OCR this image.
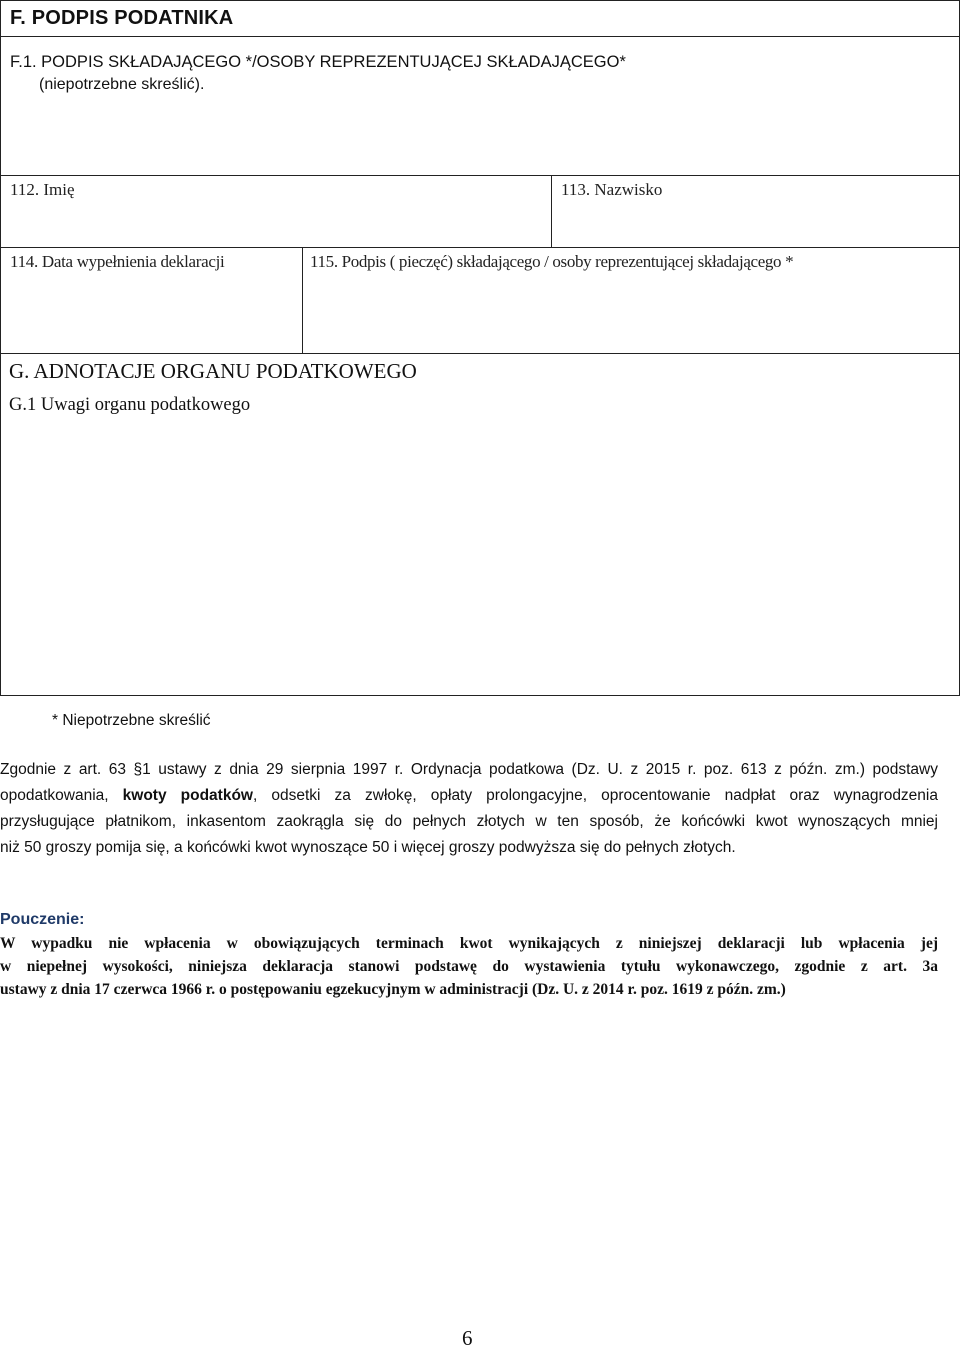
F. PODPIS PODATNIKA
F.1. PODPIS SKŁADAJĄCEGO */OSOBY REPREZENTUJĄCEJ SKŁADAJĄCEGO*
(niepotrzebne skreślić).
112. Imię	113. Nazwisko
114. Data wypełnienia deklaracji	115. Podpis ( pieczęć) składającego / osoby reprezentującej składającego *
G. ADNOTACJE ORGANU PODATKOWEGO
G.1 Uwagi organu podatkowego
* Niepotrzebne skreślić
Zgodnie z art. 63 §1 ustawy z dnia 29 sierpnia 1997 r. Ordynacja podatkowa (Dz. U. z 2015 r. poz. 613 z późn. zm.) podstawy
opodatkowania, kwoty podatków, odsetki za zwłokę, opłaty prolongacyjne, oprocentowanie nadpłat oraz wynagrodzenia
przysługujące płatnikom, inkasentom zaokrągla się do pełnych złotych w ten sposób, że końcówki kwot wynoszących mniej
niż 50 groszy pomija się, a końcówki kwot wynoszące 50 i więcej groszy podwyższa się do pełnych złotych.
Pouczenie:
W wypadku nie wpłacenia w obowiązujących terminach kwot wynikających z niniejszej deklaracji lub wpłacenia jej
w niepełnej wysokości, niniejsza deklaracja stanowi podstawę do wystawienia tytułu wykonawczego, zgodnie z art. 3a
ustawy z dnia 17 czerwca 1966 r. o postępowaniu egzekucyjnym w administracji (Dz. U. z 2014 r. poz. 1619 z późn. zm.)
6
